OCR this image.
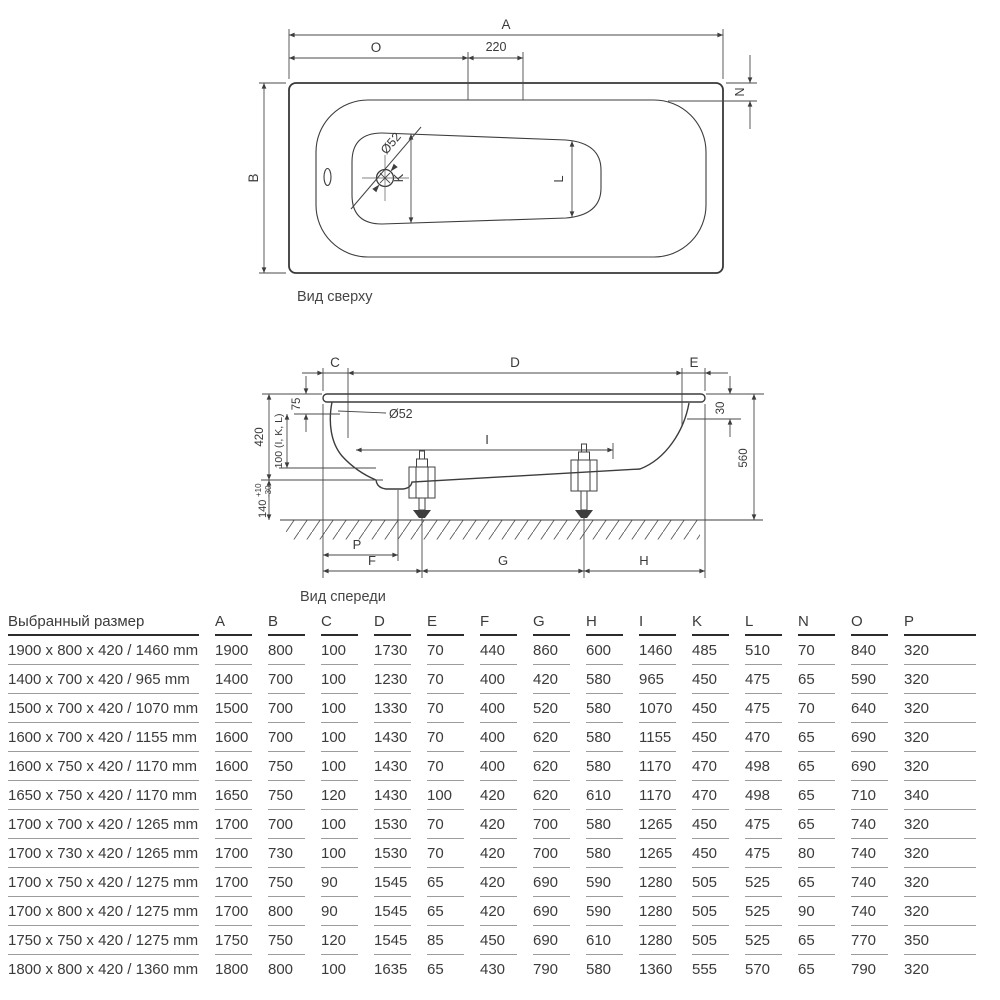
Ø52
A
O	220
B
N
K	L
Вид сверху
D
C	E
I
Ø52
75
100 (I, K, L)
420
140
+10 -30
30
560
P
F	G	H
Вид спереди
Выбранный размер	A	B	C	D	E	F	G	H	I	K	L	N	O	P
1900 x 800 x 420 / 1460 mm	1900	800	100	1730	70	440	860	600	1460	485	510	70	840	320
1400 x 700 x 420 / 965 mm	1400	700	100	1230	70	400	420	580	965	450	475	65	590	320
1500 x 700 x 420 / 1070 mm	1500	700	100	1330	70	400	520	580	1070	450	475	70	640	320
1600 x 700 x 420 / 1155 mm	1600	700	100	1430	70	400	620	580	1155	450	470	65	690	320
1600 x 750 x 420 / 1170 mm	1600	750	100	1430	70	400	620	580	1170	470	498	65	690	320
1650 x 750 x 420 / 1170 mm	1650	750	120	1430	100	420	620	610	1170	470	498	65	710	340
1700 x 700 x 420 / 1265 mm	1700	700	100	1530	70	420	700	580	1265	450	475	65	740	320
1700 x 730 x 420 / 1265 mm	1700	730	100	1530	70	420	700	580	1265	450	475	80	740	320
1700 x 750 x 420 / 1275 mm	1700	750	90	1545	65	420	690	590	1280	505	525	65	740	320
1700 x 800 x 420 / 1275 mm	1700	800	90	1545	65	420	690	590	1280	505	525	90	740	320
1750 x 750 x 420 / 1275 mm	1750	750	120	1545	85	450	690	610	1280	505	525	65	770	350
1800 x 800 x 420 / 1360 mm	1800	800	100	1635	65	430	790	580	1360	555	570	65	790	320
